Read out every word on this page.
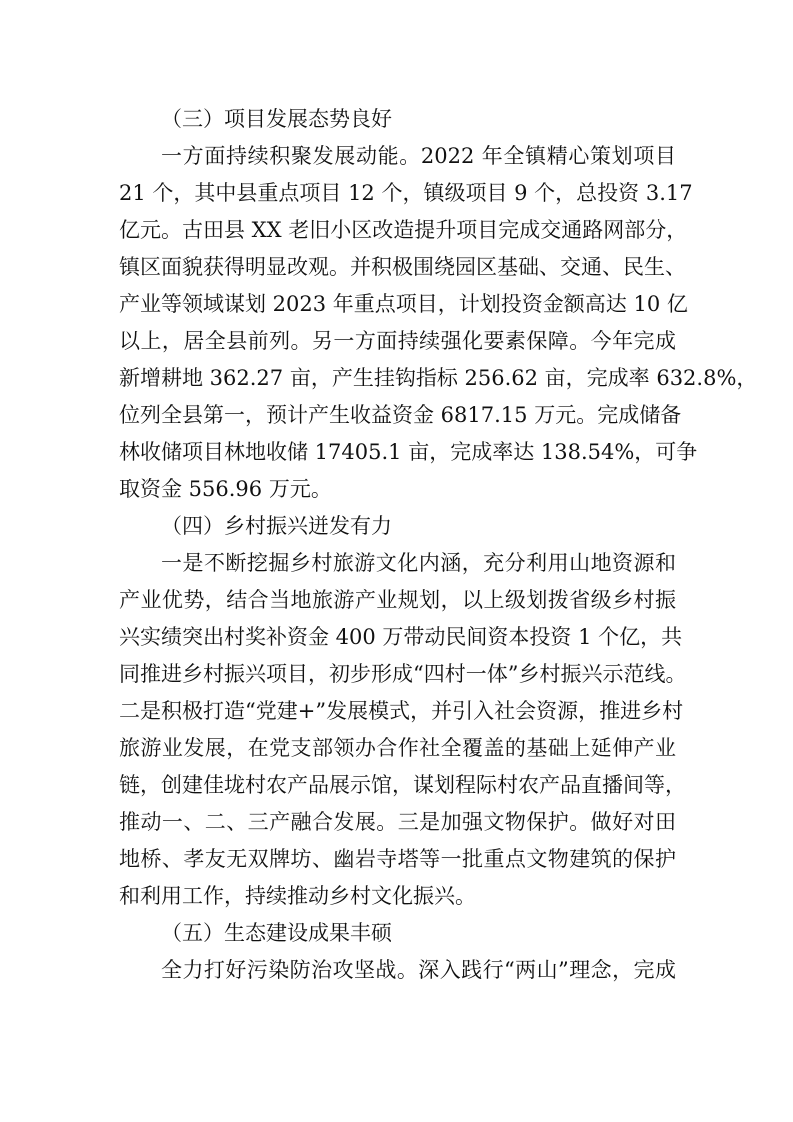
（三）项目发展态势良好
一方面持续积聚发展动能。2022 年全镇精心策划项目
21 个，其中县重点项目 12 个，镇级项目 9 个，总投资 3.17
亿元。古田县 XX 老旧小区改造提升项目完成交通路网部分，
镇区面貌获得明显改观。并积极围绕园区基础、交通、民生、
产业等领域谋划 2023 年重点项目，计划投资金额高达 10 亿
以上，居全县前列。另一方面持续强化要素保障。今年完成
新增耕地 362.27 亩，产生挂钩指标 256.62 亩，完成率 632.8%，
位列全县第一，预计产生收益资金 6817.15 万元。完成储备
林收储项目林地收储 17405.1 亩，完成率达 138.54%，可争
取资金 556.96 万元。
（四）乡村振兴迸发有力
一是不断挖掘乡村旅游文化内涵，充分利用山地资源和
产业优势，结合当地旅游产业规划，以上级划拨省级乡村振
兴实绩突出村奖补资金 400 万带动民间资本投资 1 个亿，共
同推进乡村振兴项目，初步形成“四村一体”乡村振兴示范线。
二是积极打造“党建+”发展模式，并引入社会资源，推进乡村
旅游业发展，在党支部领办合作社全覆盖的基础上延伸产业
链，创建佳垅村农产品展示馆，谋划程际村农产品直播间等，
推动一、二、三产融合发展。三是加强文物保护。做好对田
地桥、孝友无双牌坊、幽岩寺塔等一批重点文物建筑的保护
和利用工作，持续推动乡村文化振兴。
（五）生态建设成果丰硕
全力打好污染防治攻坚战。深入践行“两山”理念，完成
